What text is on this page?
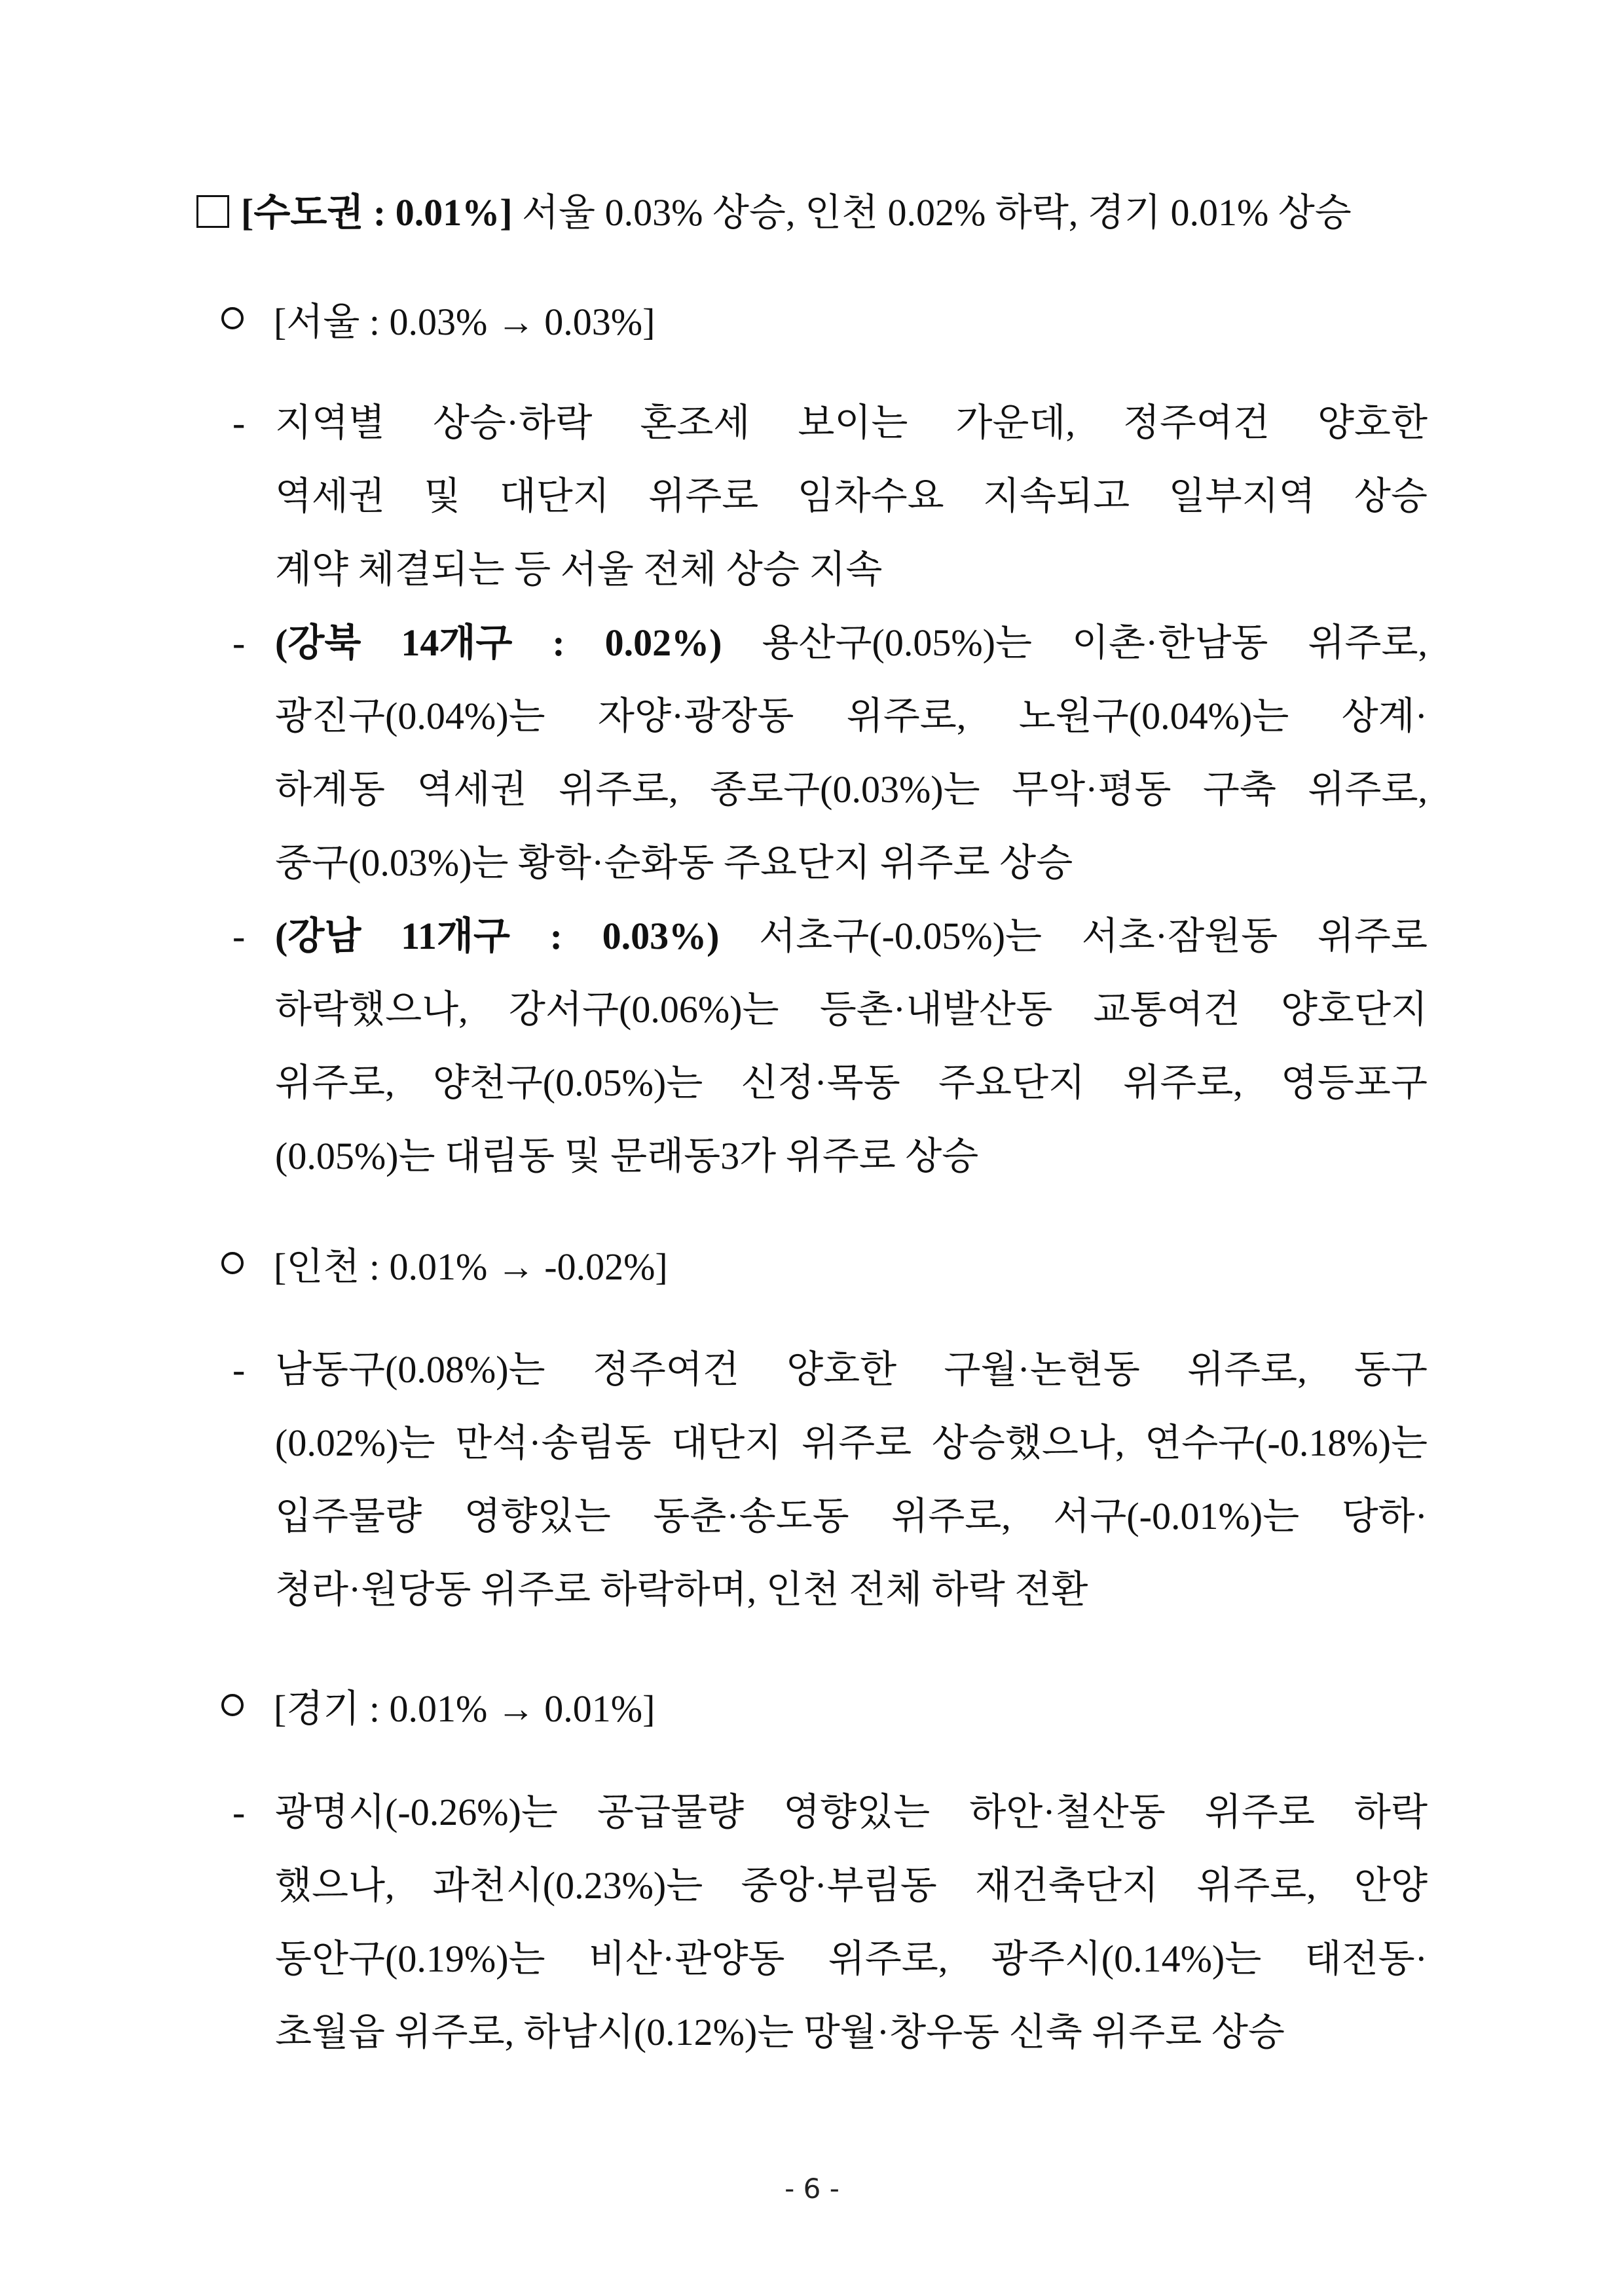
[수도권 : 0.01%] 서울 0.03% 상승, 인천 0.02% 하락, 경기 0.01% 상승
[서울 : 0.03% → 0.03%]
- 지역별 상승·하락 혼조세 보이는 가운데, 정주여건 양호한
역세권 및 대단지 위주로 임차수요 지속되고 일부지역 상승
계약 체결되는 등 서울 전체 상승 지속
- (강북 14개구 : 0.02%) 용산구(0.05%)는 이촌·한남동 위주로,
광진구(0.04%)는 자양·광장동 위주로, 노원구(0.04%)는 상계·
하계동 역세권 위주로, 종로구(0.03%)는 무악·평동 구축 위주로,
중구(0.03%)는 황학·순화동 주요단지 위주로 상승
- (강남 11개구 : 0.03%) 서초구(-0.05%)는 서초·잠원동 위주로
하락했으나, 강서구(0.06%)는 등촌·내발산동 교통여건 양호단지
위주로, 양천구(0.05%)는 신정·목동 주요단지 위주로, 영등포구
(0.05%)는 대림동 및 문래동3가 위주로 상승
[인천 : 0.01% → -0.02%]
- 남동구(0.08%)는 정주여건 양호한 구월·논현동 위주로, 동구
(0.02%)는 만석·송림동 대단지 위주로 상승했으나, 연수구(-0.18%)는
입주물량 영향있는 동춘·송도동 위주로, 서구(-0.01%)는 당하·
청라·원당동 위주로 하락하며, 인천 전체 하락 전환
[경기 : 0.01% → 0.01%]
- 광명시(-0.26%)는 공급물량 영향있는 하안·철산동 위주로 하락
했으나, 과천시(0.23%)는 중앙·부림동 재건축단지 위주로, 안양
동안구(0.19%)는 비산·관양동 위주로, 광주시(0.14%)는 태전동·
초월읍 위주로, 하남시(0.12%)는 망월·창우동 신축 위주로 상승
- 6 -
